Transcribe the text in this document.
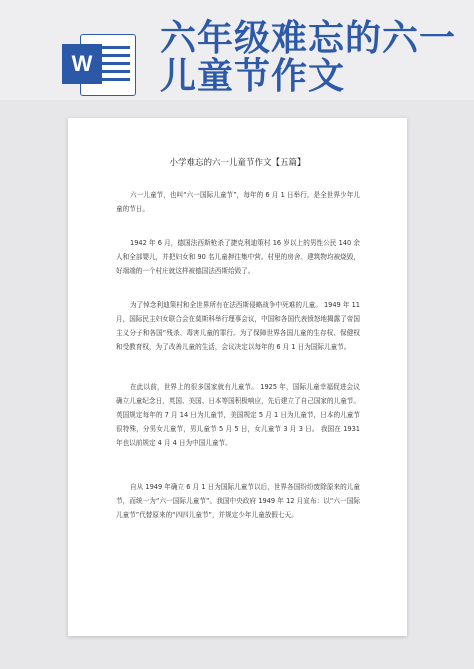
W
六年级难忘的六一
儿童节作文
小学难忘的六一儿童节作文【五篇】
六一儿童节，也叫“六一国际儿童节”，每年的 6 月 1 日举行，是全世界少年儿童的节日。
1942 年 6 月，德国法西斯枪杀了捷克利迪策村 16 岁以上的男性公民 140 余人和全部婴儿，并把妇女和 90 名儿童押往集中营。村里的房舍、建筑物均被烧毁，好端端的一个村庄就这样被德国法西斯给毁了。
为了悼念利迪策村和全世界所有在法西斯侵略战争中死难的儿童。 1949 年 11 月，国际民主妇女联合会在莫斯科举行理事会议，中国和各国代表愤怒地揭露了帝国主义分子和各国“残杀、毒害儿童的罪行。为了保障世界各国儿童的生存权、保健权和受教育权，为了改善儿童的生活，会议决定以每年的 6 月 1 日为国际儿童节。
在此以前，世界上的很多国家就有儿童节。 1925 年，国际儿童幸福促进会议确立儿童纪念日，英国、美国、日本等国积极响应，先后建立了自己国家的儿童节。英国规定每年的 7 月 14 日为儿童节，美国规定 5 月 1 日为儿童节，日本的儿童节很特殊，分男女儿童节，男儿童节 5 月 5 日，女儿童节 3 月 3 日。 我国在 1931 年也以前规定 4 月 4 日为中国儿童节。
自从 1949 年确立 6 月 1 日为国际儿童节以后，世界各国纷纷废除原来的儿童节，而统一为“六一国际儿童节”。我国中央政府 1949 年 12 月宣布：以“六一国际儿童节”代替原来的“四四儿童节”，并规定少年儿童放假七天。
